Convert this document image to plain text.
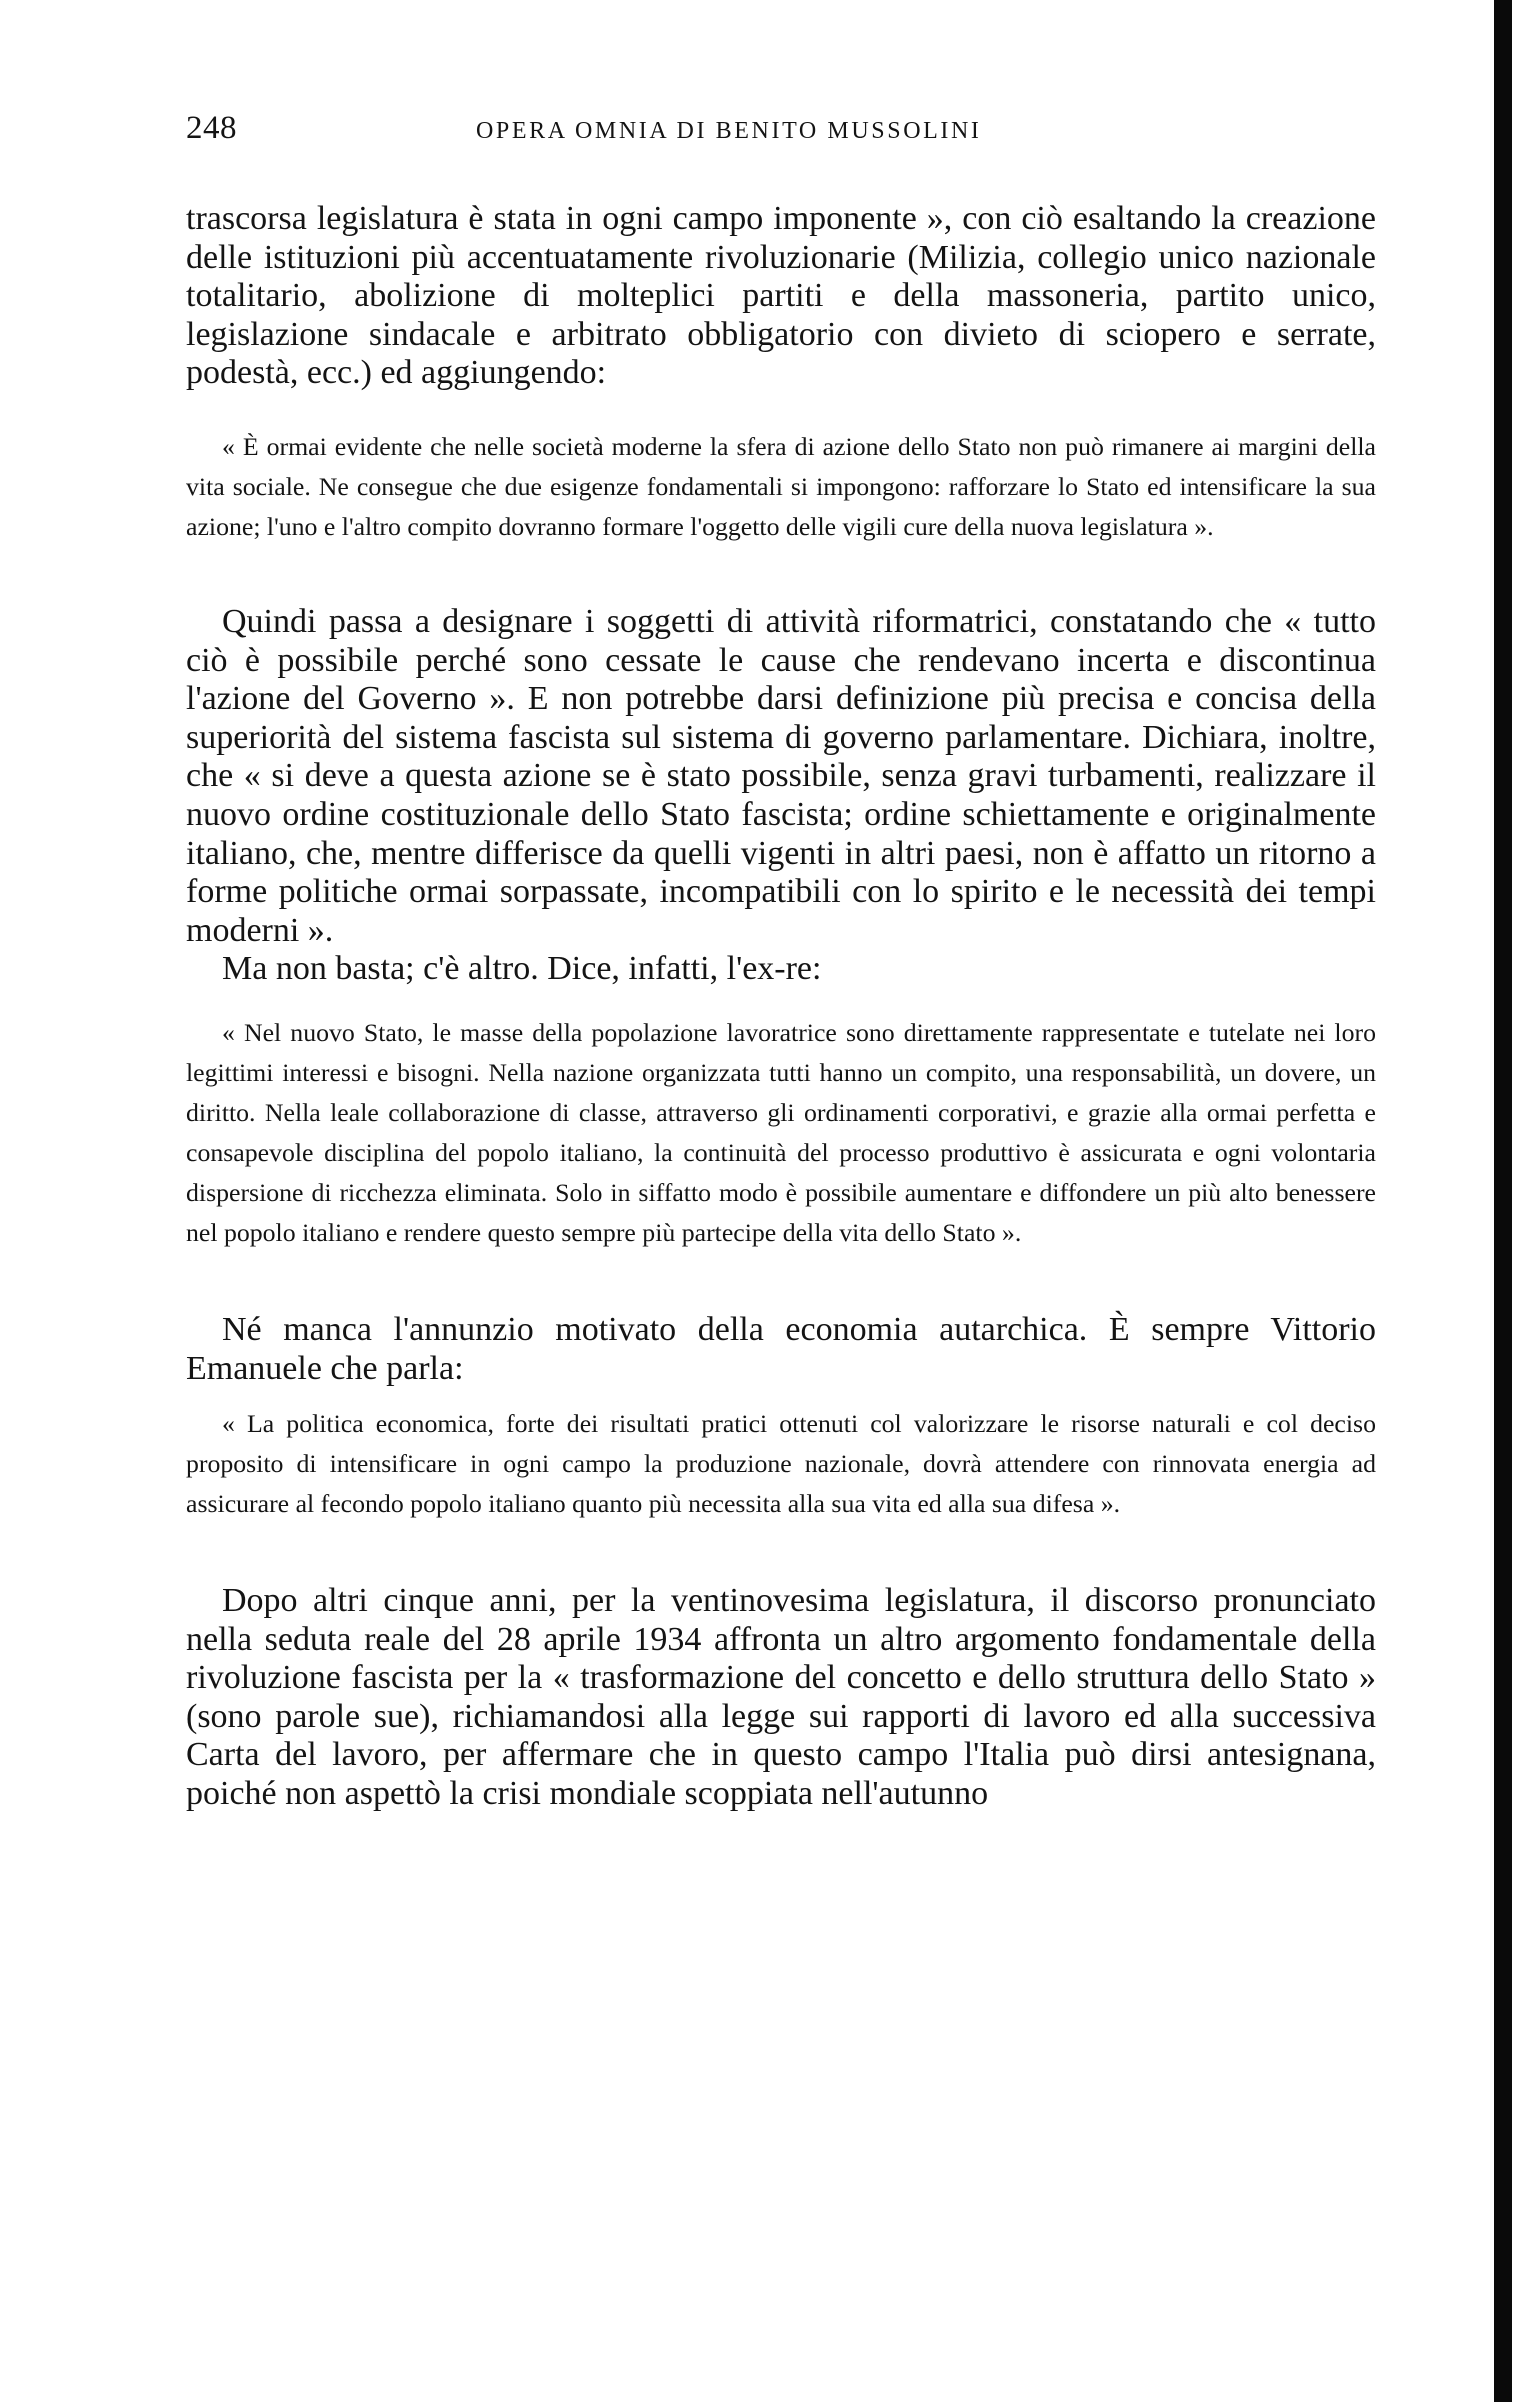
248	OPERA OMNIA DI BENITO MUSSOLINI

trascorsa legislatura è stata in ogni campo imponente », con ciò esaltando la creazione delle istituzioni più accentuatamente rivoluzionarie (Milizia, collegio unico nazionale totalitario, abolizione di molteplici partiti e della massoneria, partito unico, legislazione sindacale e arbitrato obbligatorio con divieto di sciopero e serrate, podestà, ecc.) ed aggiungendo:

« È ormai evidente che nelle società moderne la sfera di azione dello Stato non può rimanere ai margini della vita sociale. Ne consegue che due esigenze fondamentali si impongono: rafforzare lo Stato ed intensificare la sua azione; l'uno e l'altro compito dovranno formare l'oggetto delle vigili cure della nuova legislatura ».

Quindi passa a designare i soggetti di attività riformatrici, constatando che « tutto ciò è possibile perché sono cessate le cause che rendevano incerta e discontinua l'azione del Governo ». E non potrebbe darsi definizione più precisa e concisa della superiorità del sistema fascista sul sistema di governo parlamentare. Dichiara, inoltre, che « si deve a questa azione se è stato possibile, senza gravi turbamenti, realizzare il nuovo ordine costituzionale dello Stato fascista; ordine schiettamente e originalmente italiano, che, mentre differisce da quelli vigenti in altri paesi, non è affatto un ritorno a forme politiche ormai sorpassate, incompatibili con lo spirito e le necessità dei tempi moderni ».

Ma non basta; c'è altro. Dice, infatti, l'ex-re:

« Nel nuovo Stato, le masse della popolazione lavoratrice sono direttamente rappresentate e tutelate nei loro legittimi interessi e bisogni. Nella nazione organizzata tutti hanno un compito, una responsabilità, un dovere, un diritto. Nella leale collaborazione di classe, attraverso gli ordinamenti corporativi, e grazie alla ormai perfetta e consapevole disciplina del popolo italiano, la continuità del processo produttivo è assicurata e ogni volontaria dispersione di ricchezza eliminata. Solo in siffatto modo è possibile aumentare e diffondere un più alto benessere nel popolo italiano e rendere questo sempre più partecipe della vita dello Stato ».

Né manca l'annunzio motivato della economia autarchica. È sempre Vittorio Emanuele che parla:

« La politica economica, forte dei risultati pratici ottenuti col valorizzare le risorse naturali e col deciso proposito di intensificare in ogni campo la produzione nazionale, dovrà attendere con rinnovata energia ad assicurare al fecondo popolo italiano quanto più necessita alla sua vita ed alla sua difesa ».

Dopo altri cinque anni, per la ventinovesima legislatura, il discorso pronunciato nella seduta reale del 28 aprile 1934 affronta un altro argomento fondamentale della rivoluzione fascista per la « trasformazione del concetto e dello struttura dello Stato » (sono parole sue), richiamandosi alla legge sui rapporti di lavoro ed alla successiva Carta del lavoro, per affermare che in questo campo l'Italia può dirsi antesignana, poiché non aspettò la crisi mondiale scoppiata nell'autunno
